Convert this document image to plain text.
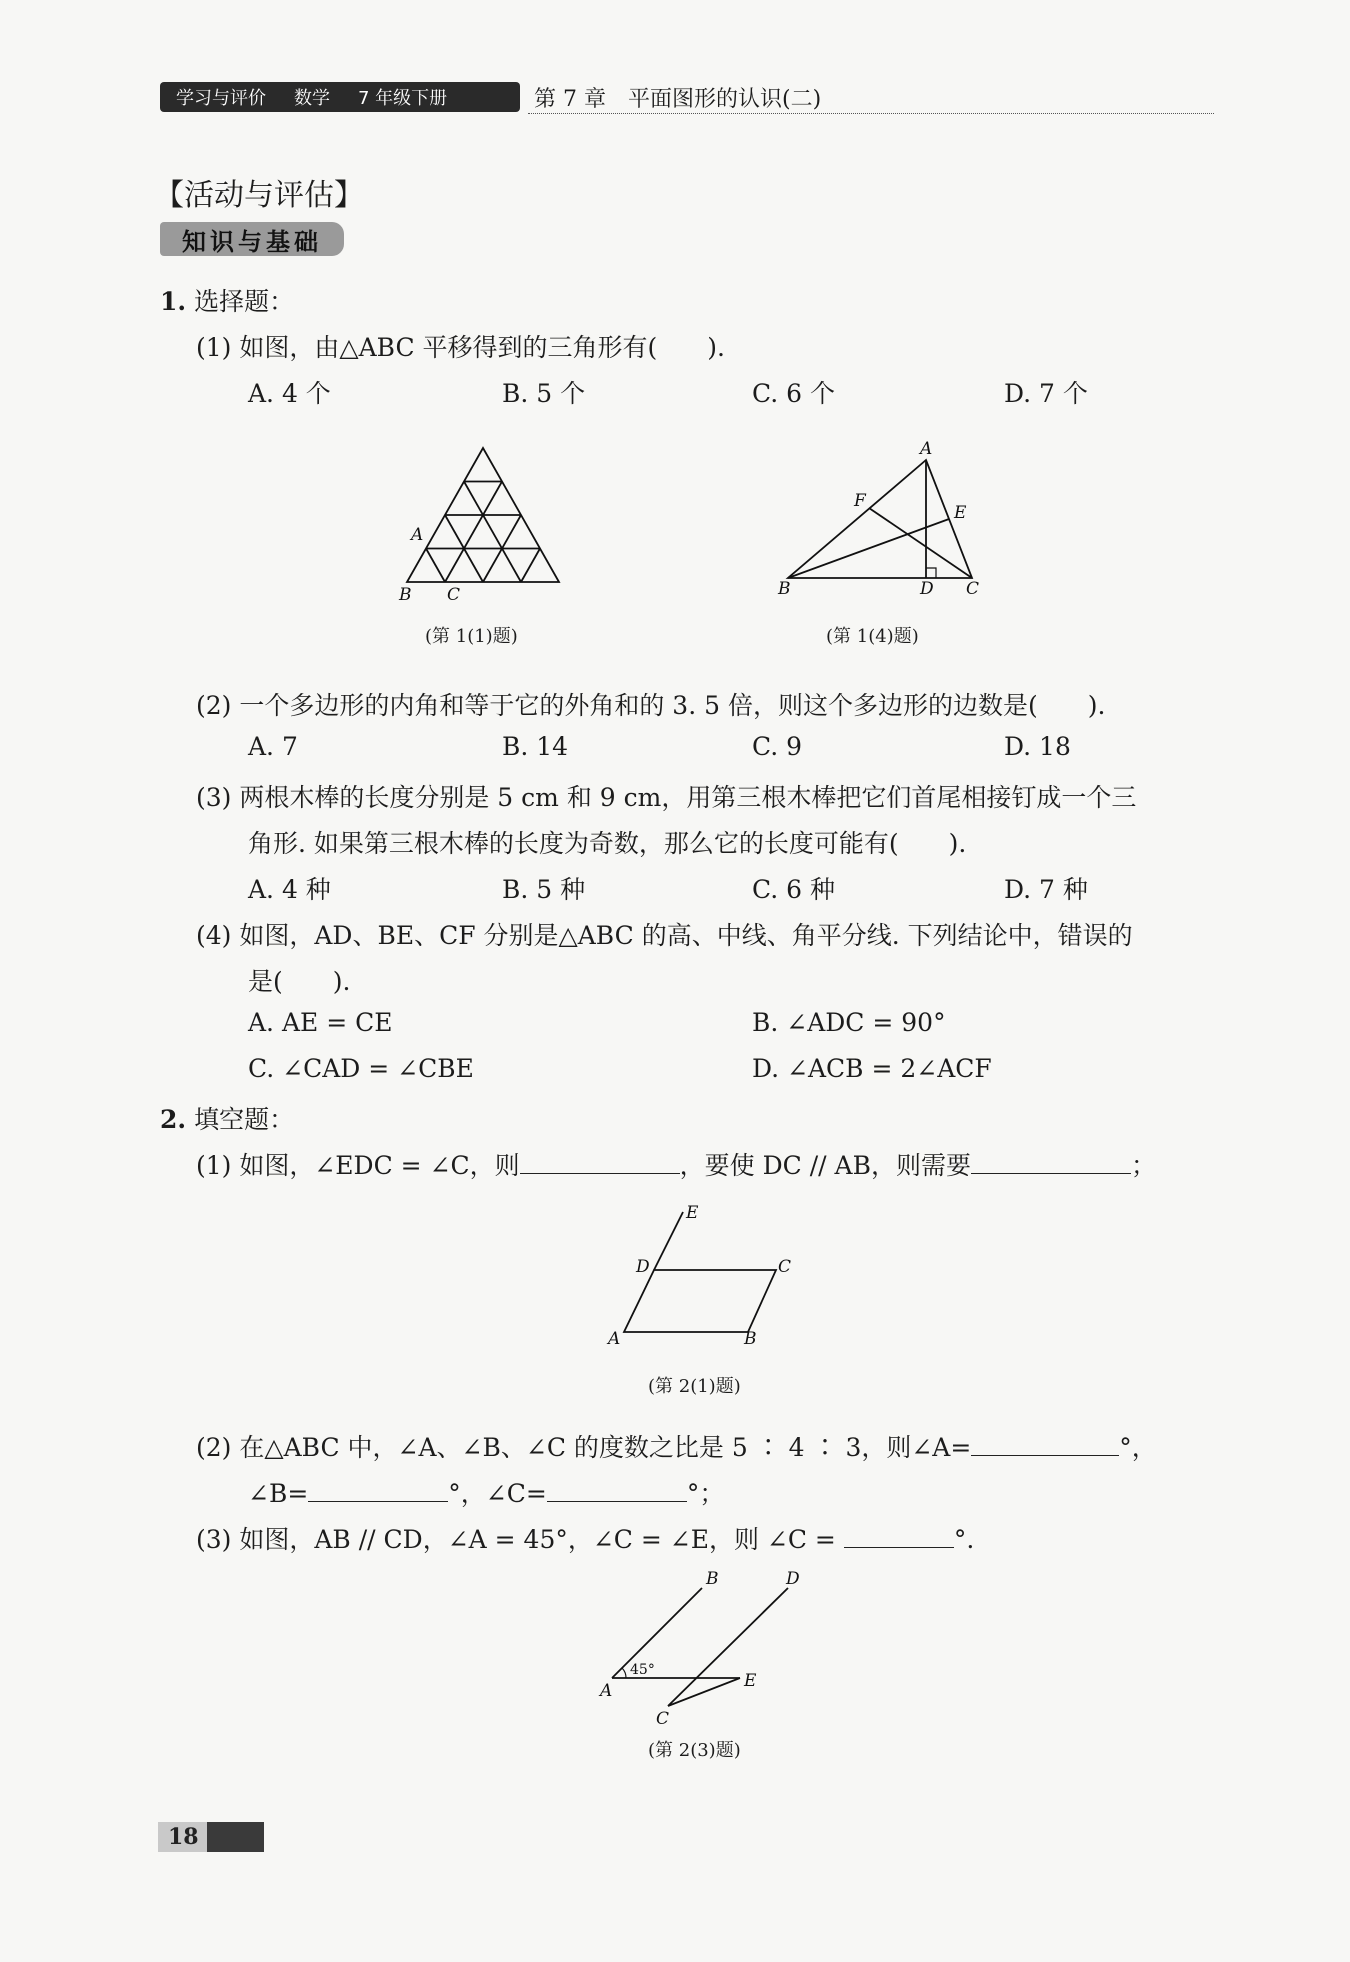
学习与评价 数学 7 年级下册	第 7 章 平面图形的认识(二)
【活动与评估】
知识与基础
1. 选择题：
(1) 如图，由△ABC 平移得到的三角形有(　　).
A. 4 个	B. 5 个	C. 6 个	D. 7 个
A
B C
(第 1(1)题)
A
B	C
D
E
F
(第 1(4)题)
(2) 一个多边形的内角和等于它的外角和的 3. 5 倍，则这个多边形的边数是(　　).
A. 7	B. 14	C. 9	D. 18
(3) 两根木棒的长度分别是 5 cm 和 9 cm，用第三根木棒把它们首尾相接钉成一个三
角形. 如果第三根木棒的长度为奇数，那么它的长度可能有(　　).
A. 4 种	B. 5 种	C. 6 种	D. 7 种
(4) 如图，AD、BE、CF 分别是△ABC 的高、中线、角平分线. 下列结论中，错误的
是(　　).
A. AE = CE	B. ∠ADC = 90°
C. ∠CAD = ∠CBE	D. ∠ACB = 2∠ACF
2. 填空题：
(1) 如图，∠EDC = ∠C，则	，要使 DC // AB，则需要	；
E
D	C
A	B
(第 2(1)题)
(2) 在△ABC 中，∠A、∠B、∠C 的度数之比是 5 ∶ 4 ∶ 3，则∠A=	°，
∠B=	°，∠C=	°；
(3) 如图，AB // CD，∠A = 45°，∠C = ∠E，则 ∠C =	°.
B	D
A	E
C
45°
(第 2(3)题)
18
